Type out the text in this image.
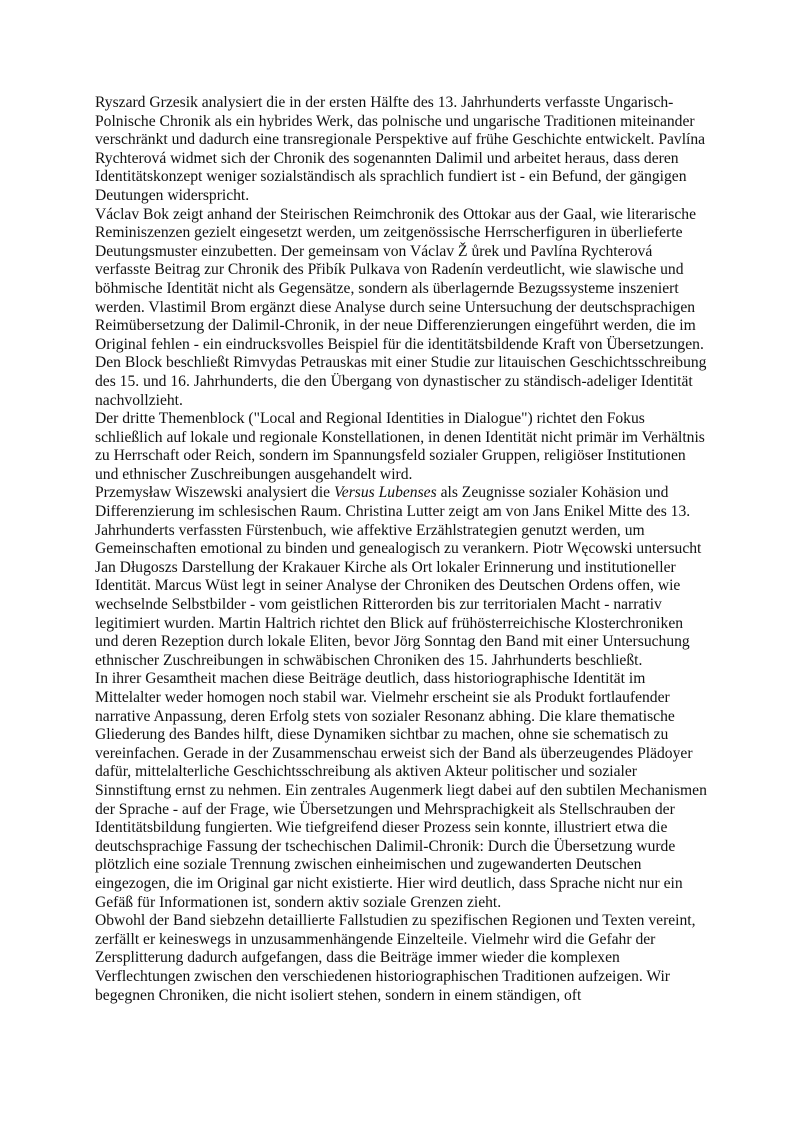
Ryszard Grzesik analysiert die in der ersten Hälfte des 13. Jahrhunderts verfasste Ungarisch-Polnische Chronik als ein hybrides Werk, das polnische und ungarische Traditionen miteinander verschränkt und dadurch eine transregionale Perspektive auf frühe Geschichte entwickelt. Pavlína Rychterová widmet sich der Chronik des sogenannten Dalimil und arbeitet heraus, dass deren Identitätskonzept weniger sozialständisch als sprachlich fundiert ist - ein Befund, der gängigen Deutungen widerspricht.

Václav Bok zeigt anhand der Steirischen Reimchronik des Ottokar aus der Gaal, wie literarische Reminiszenzen gezielt eingesetzt werden, um zeitgenössische Herrscherfiguren in überlieferte Deutungsmuster einzubetten. Der gemeinsam von Václav Ž ůrek und Pavlína Rychterová verfasste Beitrag zur Chronik des Přibík Pulkava von Radenín verdeutlicht, wie slawische und böhmische Identität nicht als Gegensätze, sondern als überlagernde Bezugssysteme inszeniert werden. Vlastimil Brom ergänzt diese Analyse durch seine Untersuchung der deutschsprachigen Reimübersetzung der Dalimil-Chronik, in der neue Differenzierungen eingeführt werden, die im Original fehlen - ein eindrucksvolles Beispiel für die identitätsbildende Kraft von Übersetzungen. Den Block beschließt Rimvydas Petrauskas mit einer Studie zur litauischen Geschichtsschreibung des 15. und 16. Jahrhunderts, die den Übergang von dynastischer zu ständisch-adeliger Identität nachvollzieht.

Der dritte Themenblock ("Local and Regional Identities in Dialogue") richtet den Fokus schließlich auf lokale und regionale Konstellationen, in denen Identität nicht primär im Verhältnis zu Herrschaft oder Reich, sondern im Spannungsfeld sozialer Gruppen, religiöser Institutionen und ethnischer Zuschreibungen ausgehandelt wird.

Przemysław Wiszewski analysiert die Versus Lubenses als Zeugnisse sozialer Kohäsion und Differenzierung im schlesischen Raum. Christina Lutter zeigt am von Jans Enikel Mitte des 13. Jahrhunderts verfassten Fürstenbuch, wie affektive Erzählstrategien genutzt werden, um Gemeinschaften emotional zu binden und genealogisch zu verankern. Piotr Węcowski untersucht Jan Długoszs Darstellung der Krakauer Kirche als Ort lokaler Erinnerung und institutioneller Identität. Marcus Wüst legt in seiner Analyse der Chroniken des Deutschen Ordens offen, wie wechselnde Selbstbilder - vom geistlichen Ritterorden bis zur territorialen Macht - narrativ legitimiert wurden. Martin Haltrich richtet den Blick auf frühösterreichische Klosterchroniken und deren Rezeption durch lokale Eliten, bevor Jörg Sonntag den Band mit einer Untersuchung ethnischer Zuschreibungen in schwäbischen Chroniken des 15. Jahrhunderts beschließt.

In ihrer Gesamtheit machen diese Beiträge deutlich, dass historiographische Identität im Mittelalter weder homogen noch stabil war. Vielmehr erscheint sie als Produkt fortlaufender narrative Anpassung, deren Erfolg stets von sozialer Resonanz abhing. Die klare thematische Gliederung des Bandes hilft, diese Dynamiken sichtbar zu machen, ohne sie schematisch zu vereinfachen. Gerade in der Zusammenschau erweist sich der Band als überzeugendes Plädoyer dafür, mittelalterliche Geschichtsschreibung als aktiven Akteur politischer und sozialer Sinnstiftung ernst zu nehmen. Ein zentrales Augenmerk liegt dabei auf den subtilen Mechanismen der Sprache - auf der Frage, wie Übersetzungen und Mehrsprachigkeit als Stellschrauben der Identitätsbildung fungierten. Wie tiefgreifend dieser Prozess sein konnte, illustriert etwa die deutschsprachige Fassung der tschechischen Dalimil-Chronik: Durch die Übersetzung wurde plötzlich eine soziale Trennung zwischen einheimischen und zugewanderten Deutschen eingezogen, die im Original gar nicht existierte. Hier wird deutlich, dass Sprache nicht nur ein Gefäß für Informationen ist, sondern aktiv soziale Grenzen zieht.

Obwohl der Band siebzehn detaillierte Fallstudien zu spezifischen Regionen und Texten vereint, zerfällt er keineswegs in unzusammenhängende Einzelteile. Vielmehr wird die Gefahr der Zersplitterung dadurch aufgefangen, dass die Beiträge immer wieder die komplexen Verflechtungen zwischen den verschiedenen historiographischen Traditionen aufzeigen. Wir begegnen Chroniken, die nicht isoliert stehen, sondern in einem ständigen, oft
